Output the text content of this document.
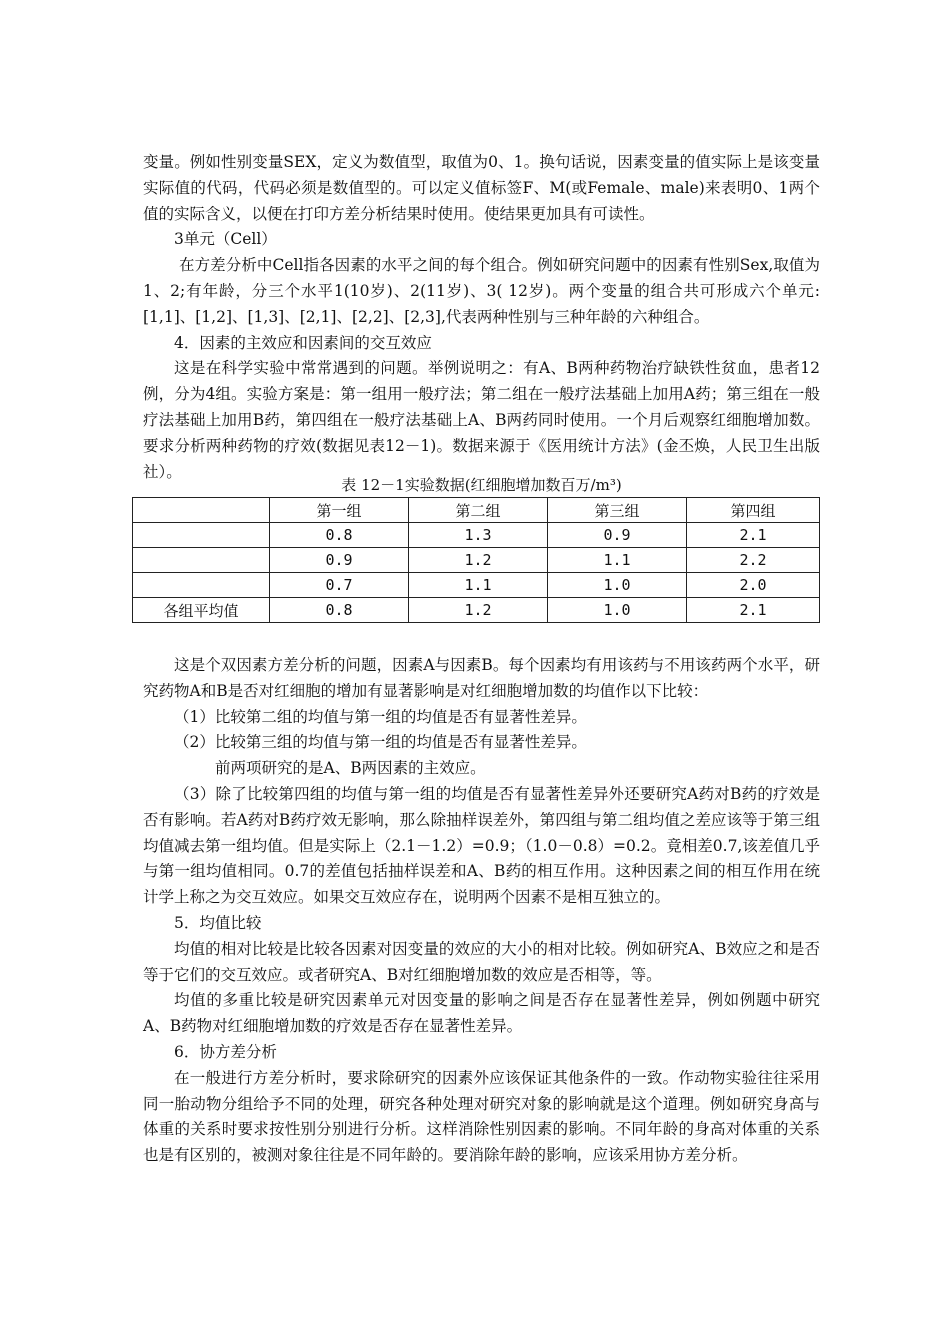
变量。例如性别变量SEX，定义为数值型，取值为0、1。换句话说，因素变量的值实际上是该变量实际值的代码，代码必须是数值型的。可以定义值标签F、M(或Female、male)来表明0、1两个值的实际含义，以便在打印方差分析结果时使用。使结果更加具有可读性。

3单元（Cell）

在方差分析中Cell指各因素的水平之间的每个组合。例如研究问题中的因素有性别Sex,取值为1、2;有年龄，分三个水平1(10岁)、2(11岁)、3( 12岁)。两个变量的组合共可形成六个单元:[1,1]、[1,2]、[1,3]、[2,1]、[2,2]、[2,3],代表两种性别与三种年龄的六种组合。

4．因素的主效应和因素间的交互效应

这是在科学实验中常常遇到的问题。举例说明之：有A、B两种药物治疗缺铁性贫血，患者12例，分为4组。实验方案是：第一组用一般疗法；第二组在一般疗法基础上加用A药；第三组在一般疗法基础上加用B药，第四组在一般疗法基础上A、B两药同时使用。一个月后观察红细胞增加数。要求分析两种药物的疗效(数据见表12－1)。数据来源于《医用统计方法》(金丕焕，人民卫生出版社）。

表 12－1实验数据(红细胞增加数百万/m³)
	第一组	第二组	第三组	第四组
	0.8	1.3	0.9	2.1
	0.9	1.2	1.1	2.2
	0.7	1.1	1.0	2.0
各组平均值	0.8	1.2	1.0	2.1

这是个双因素方差分析的问题，因素A与因素B。每个因素均有用该药与不用该药两个水平，研究药物A和B是否对红细胞的增加有显著影响是对红细胞增加数的均值作以下比较：

（1）比较第二组的均值与第一组的均值是否有显著性差异。

（2）比较第三组的均值与第一组的均值是否有显著性差异。

前两项研究的是A、B两因素的主效应。

（3）除了比较第四组的均值与第一组的均值是否有显著性差异外还要研究A药对B药的疗效是否有影响。若A药对B药疗效无影响，那么除抽样误差外，第四组与第二组均值之差应该等于第三组均值减去第一组均值。但是实际上（2.1－1.2）=0.9；（1.0－0.8）=0.2。竟相差0.7,该差值几乎与第一组均值相同。0.7的差值包括抽样误差和A、B药的相互作用。这种因素之间的相互作用在统计学上称之为交互效应。如果交互效应存在，说明两个因素不是相互独立的。

5．均值比较

均值的相对比较是比较各因素对因变量的效应的大小的相对比较。例如研究A、B效应之和是否等于它们的交互效应。或者研究A、B对红细胞增加数的效应是否相等，等。

均值的多重比较是研究因素单元对因变量的影响之间是否存在显著性差异，例如例题中研究A、B药物对红细胞增加数的疗效是否存在显著性差异。

6．协方差分析

在一般进行方差分析时，要求除研究的因素外应该保证其他条件的一致。作动物实验往往采用同一胎动物分组给予不同的处理，研究各种处理对研究对象的影响就是这个道理。例如研究身高与体重的关系时要求按性别分别进行分析。这样消除性别因素的影响。不同年龄的身高对体重的关系也是有区别的，被测对象往往是不同年龄的。要消除年龄的影响，应该采用协方差分析。
